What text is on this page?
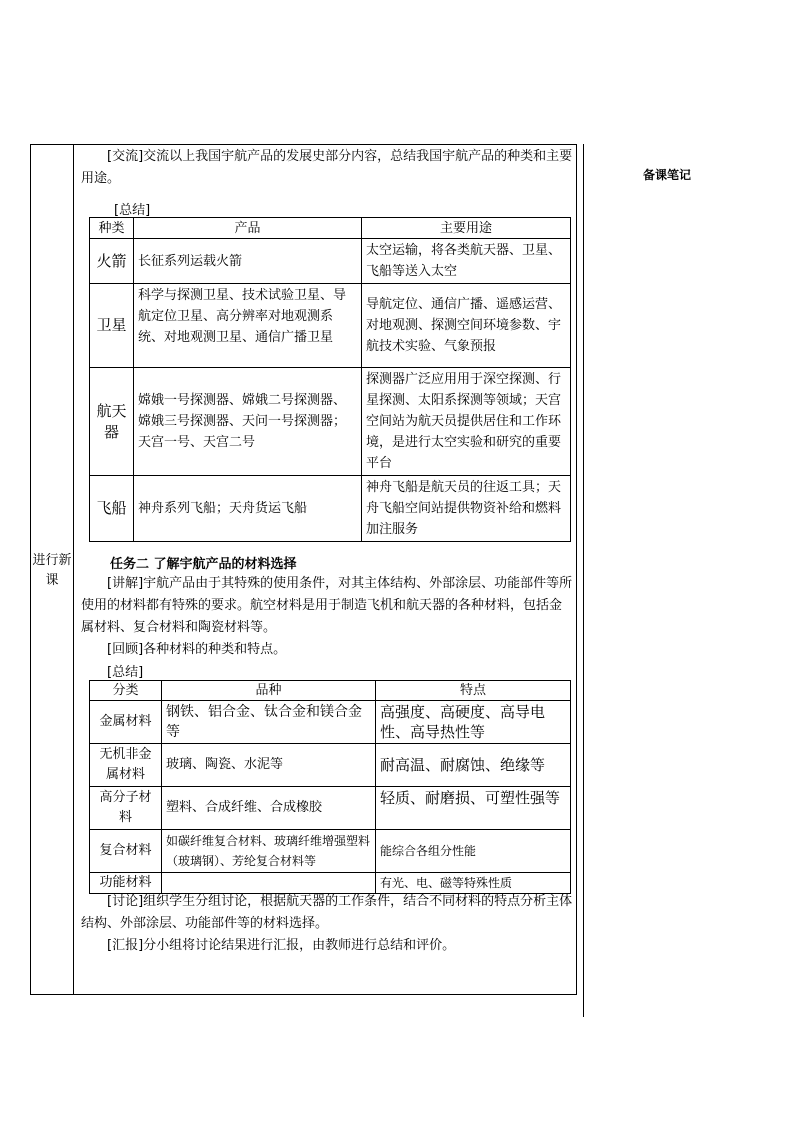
备课笔记
进行新课
[交流]交流以上我国宇航产品的发展史部分内容，总结我国宇航产品的种类和主要用途。
[总结]
种类	产品	主要用途
火箭	长征系列运载火箭	太空运输，将各类航天器、卫星、飞船等送入太空
卫星	科学与探测卫星、技术试验卫星、导航定位卫星、高分辨率对地观测系统、对地观测卫星、通信广播卫星	导航定位、通信广播、遥感运营、对地观测、探测空间环境参数、宇航技术实验、气象预报
航天器	嫦娥一号探测器、嫦娥二号探测器、嫦娥三号探测器、天问一号探测器；天宫一号、天宫二号	探测器广泛应用用于深空探测、行星探测、太阳系探测等领域；天宫空间站为航天员提供居住和工作环境，是进行太空实验和研究的重要平台
飞船	神舟系列飞船；天舟货运飞船	神舟飞船是航天员的往返工具；天舟飞船空间站提供物资补给和燃料加注服务
任务二 了解宇航产品的材料选择
[讲解]宇航产品由于其特殊的使用条件，对其主体结构、外部涂层、功能部件等所使用的材料都有特殊的要求。航空材料是用于制造飞机和航天器的各种材料，包括金属材料、复合材料和陶瓷材料等。
[回顾]各种材料的种类和特点。
[总结]
分类	品种	特点
金属材料	钢铁、铝合金、钛合金和镁合金等	高强度、高硬度、高导电性、高导热性等
无机非金属材料	玻璃、陶瓷、水泥等	耐高温、耐腐蚀、绝缘等
高分子材料	塑料、合成纤维、合成橡胶	轻质、耐磨损、可塑性强等
复合材料	如碳纤维复合材料、玻璃纤维增强塑料（玻璃钢）、芳纶复合材料等	能综合各组分性能
功能材料		有光、电、磁等特殊性质
[讨论]组织学生分组讨论，根据航天器的工作条件，结合不同材料的特点分析主体结构、外部涂层、功能部件等的材料选择。
[汇报]分小组将讨论结果进行汇报，由教师进行总结和评价。
